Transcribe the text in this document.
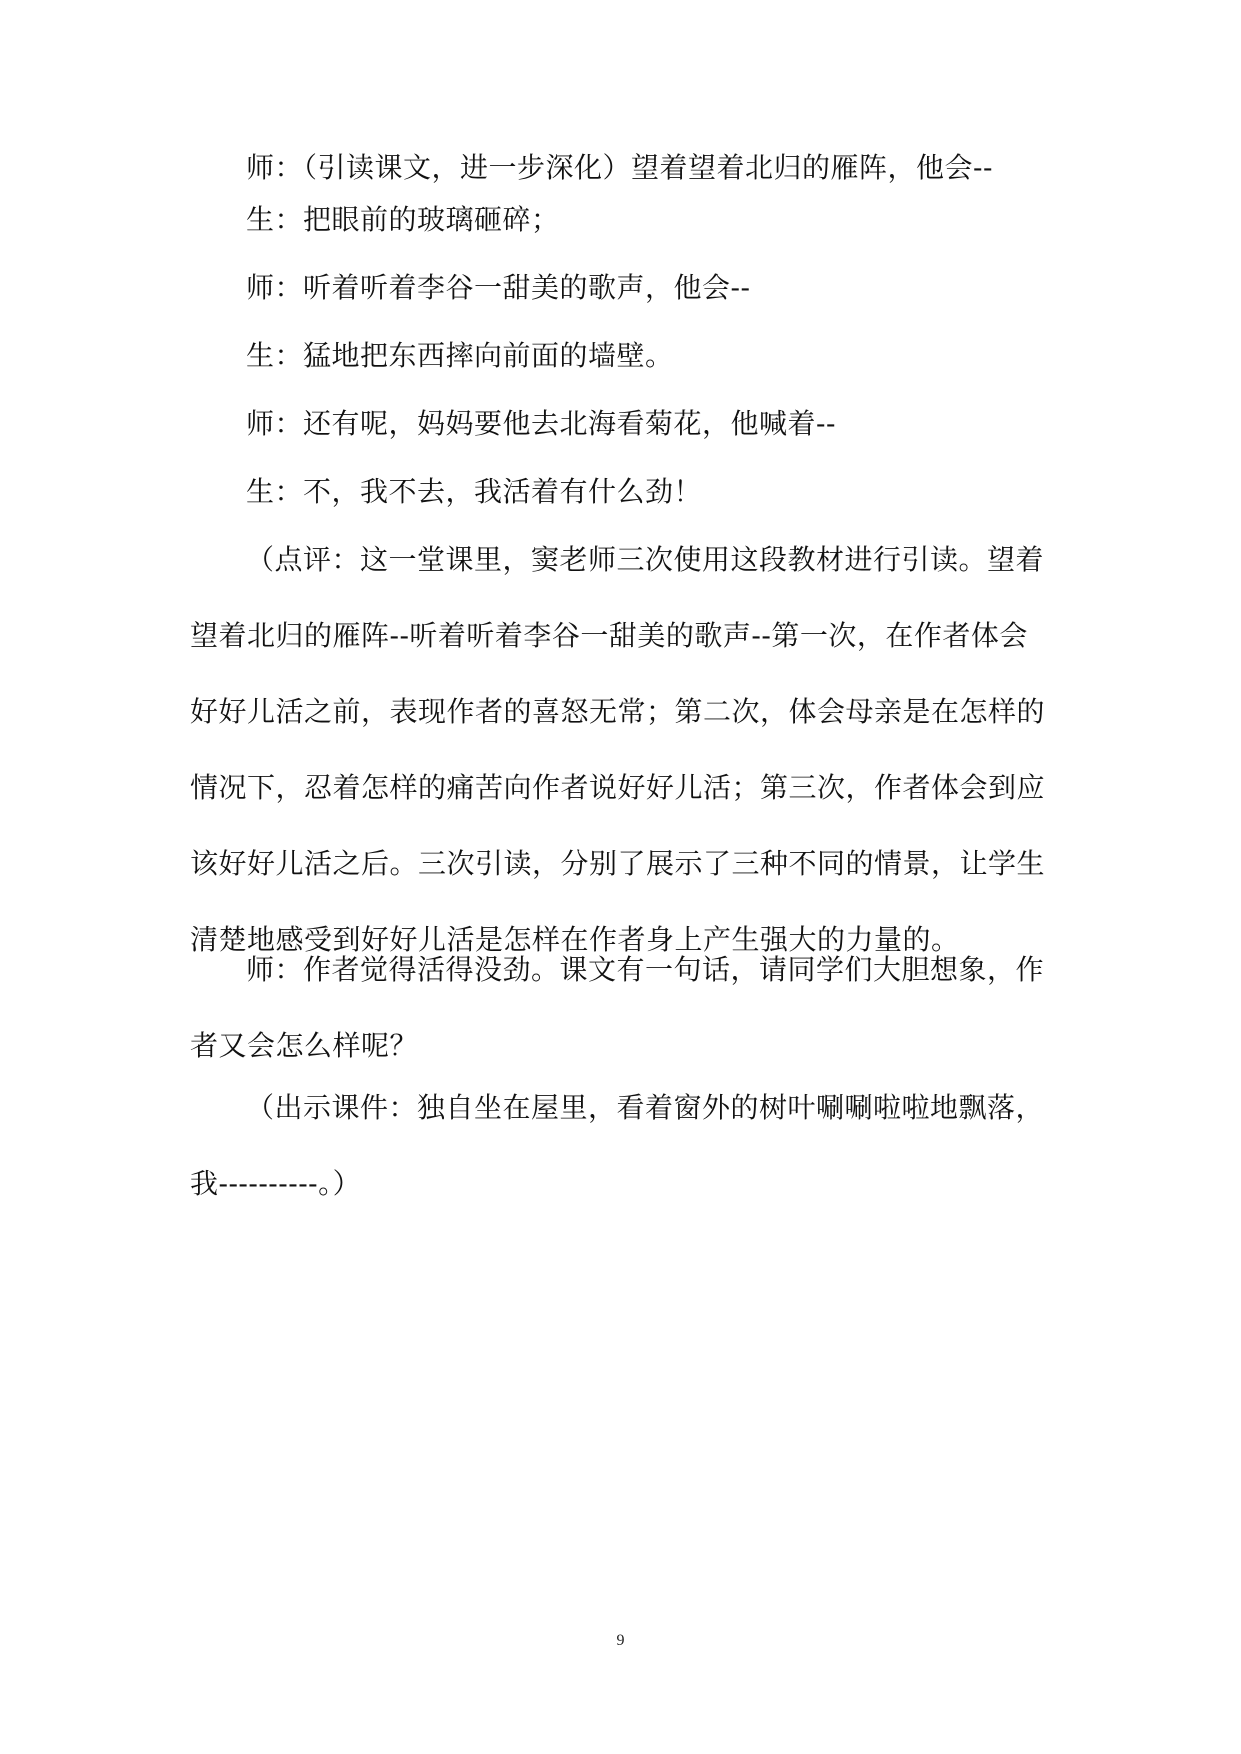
师：（引读课文，进一步深化）望着望着北归的雁阵，他会--

生：把眼前的玻璃砸碎；

师：听着听着李谷一甜美的歌声，他会--

生：猛地把东西摔向前面的墙壁。

师：还有呢，妈妈要他去北海看菊花，他喊着--

生：不，我不去，我活着有什么劲！

（点评：这一堂课里，窦老师三次使用这段教材进行引读。望着望着北归的雁阵--听着听着李谷一甜美的歌声--第一次，在作者体会好好儿活之前，表现作者的喜怒无常；第二次，体会母亲是在怎样的情况下，忍着怎样的痛苦向作者说好好儿活；第三次，作者体会到应该好好儿活之后。三次引读，分别了展示了三种不同的情景，让学生清楚地感受到好好儿活是怎样在作者身上产生强大的力量的。

师：作者觉得活得没劲。课文有一句话，请同学们大胆想象，作者又会怎么样呢？

（出示课件：独自坐在屋里，看着窗外的树叶唰唰啦啦地飘落，我----------。）

9
